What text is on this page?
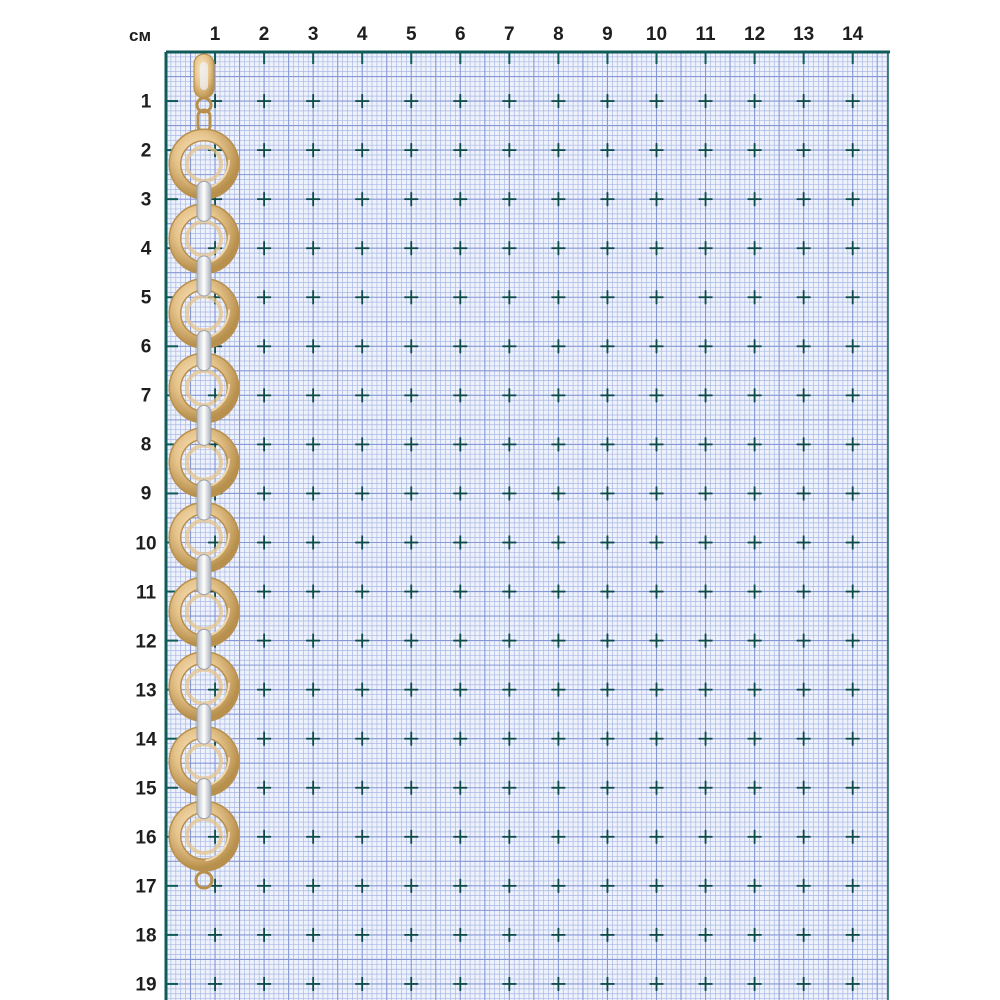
см	1 2 3 4 5 6 7 8 9 10 11 12 13 14
1
2
3
4
5
6
7
8
9
10
11
12
13
14
15
16
17
18
19
